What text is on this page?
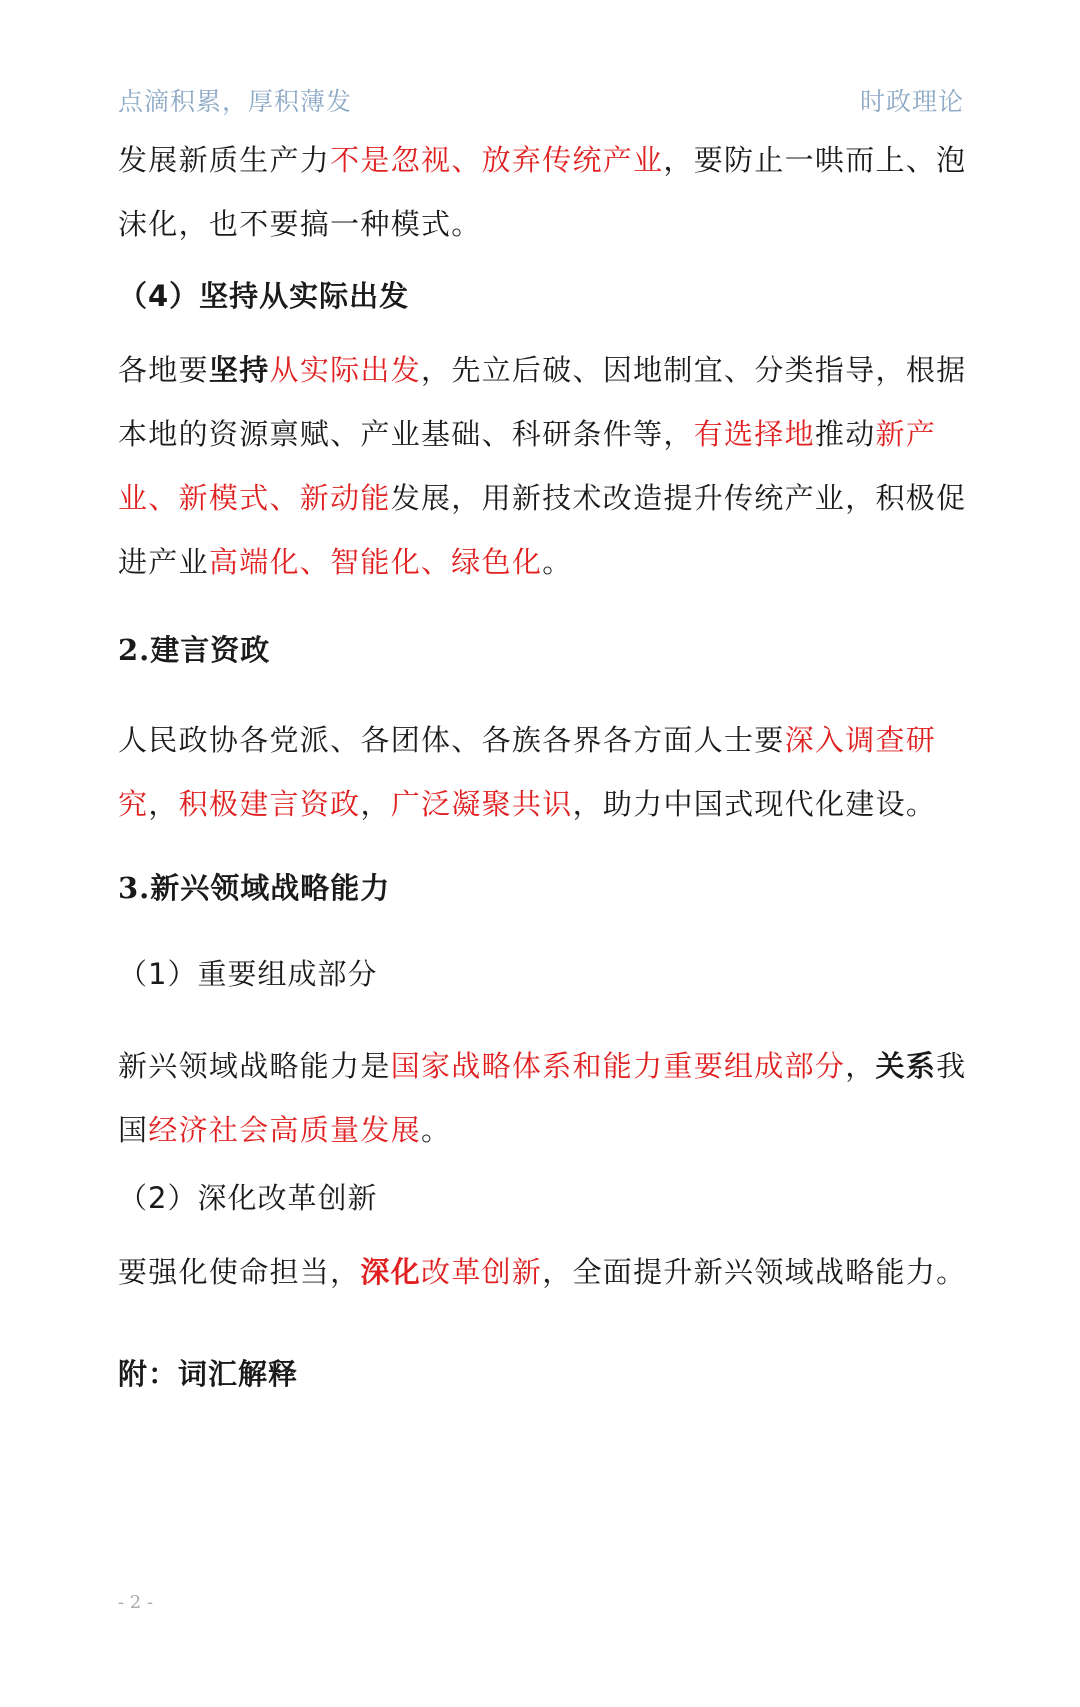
点滴积累，厚积薄发	时政理论

发展新质生产力不是忽视、放弃传统产业，要防止一哄而上、泡沫化，也不要搞一种模式。

（4）坚持从实际出发

各地要坚持从实际出发，先立后破、因地制宜、分类指导，根据本地的资源禀赋、产业基础、科研条件等，有选择地推动新产业、新模式、新动能发展，用新技术改造提升传统产业，积极促进产业高端化、智能化、绿色化。

2.建言资政

人民政协各党派、各团体、各族各界各方面人士要深入调查研究，积极建言资政，广泛凝聚共识，助力中国式现代化建设。

3.新兴领域战略能力

（1）重要组成部分

新兴领域战略能力是国家战略体系和能力重要组成部分，关系我国经济社会高质量发展。

（2）深化改革创新

要强化使命担当，深化改革创新，全面提升新兴领域战略能力。

附：词汇解释

- 2 -
